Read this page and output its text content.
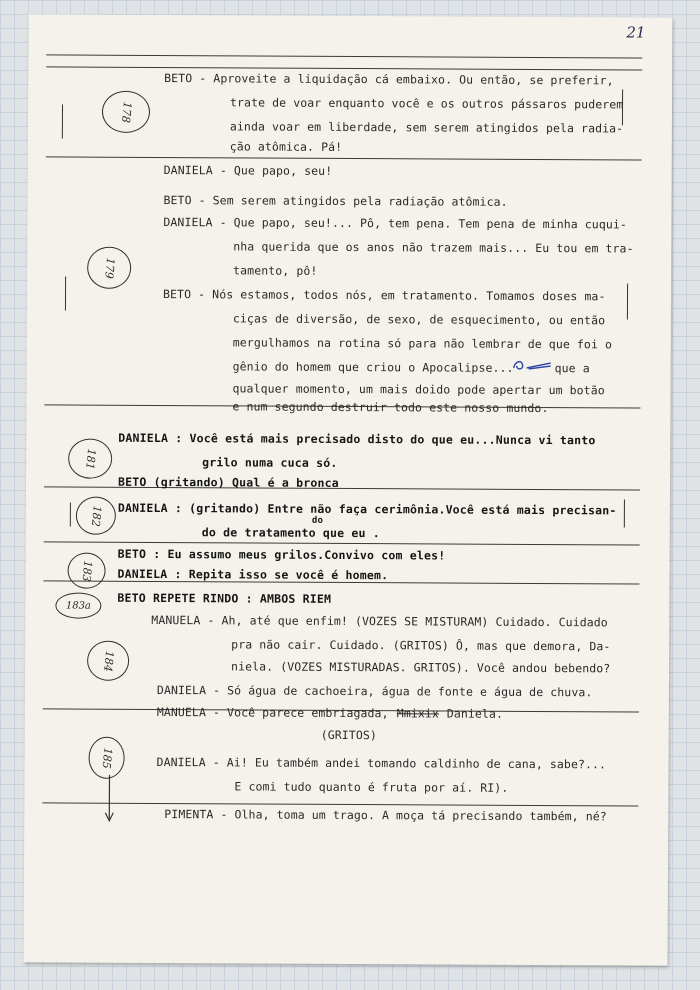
21
178
179
181
182
183
183a
184
185
BETO - Aproveite a liquidação cá embaixo. Ou então, se preferir,
trate de voar enquanto você e os outros pássaros puderem
ainda voar em liberdade, sem serem atingidos pela radia-
ção atômica. Pá!
DANIELA - Que papo, seu!
BETO - Sem serem atingidos pela radiação atômica.
DANIELA - Que papo, seu!... Pô, tem pena. Tem pena de minha cuqui-
nha querida que os anos não trazem mais... Eu tou em tra-
tamento, pô!
BETO - Nós estamos, todos nós, em tratamento. Tomamos doses ma-
ciças de diversão, de sexo, de esquecimento, ou então
mergulhamos na rotina só para não lembrar de que foi o
gênio do homem que criou o Apocalipse...	que a
qualquer momento, um mais doido pode apertar um botão
e num segundo destruir todo este nosso mundo.
DANIELA : Você está mais precisado disto do que eu...Nunca vi tanto
grilo numa cuca só.
BETO (gritando) Qual é a bronca
DANIELA : (gritando) Entre não faça cerimônia.Você está mais precisan-
do de tratamento que eu .
do
BETO : Eu assumo meus grilos.Convivo com eles!
DANIELA : Repita isso se você é homem.
BETO REPETE RINDO : AMBOS RIEM
MANUELA - Ah, até que enfim! (VOZES SE MISTURAM) Cuidado. Cuidado
pra não cair. Cuidado. (GRITOS) Ô, mas que demora, Da-
niela. (VOZES MISTURADAS. GRITOS). Você andou bebendo?
DANIELA - Só água de cachoeira, água de fonte e água de chuva.
MANUELA - Você parece embriagada, Mmixix Daniela.
(GRITOS)
DANIELA - Ai! Eu também andei tomando caldinho de cana, sabe?...
E comi tudo quanto é fruta por aí. RI).
PIMENTA - Olha, toma um trago. A moça tá precisando também, né?
